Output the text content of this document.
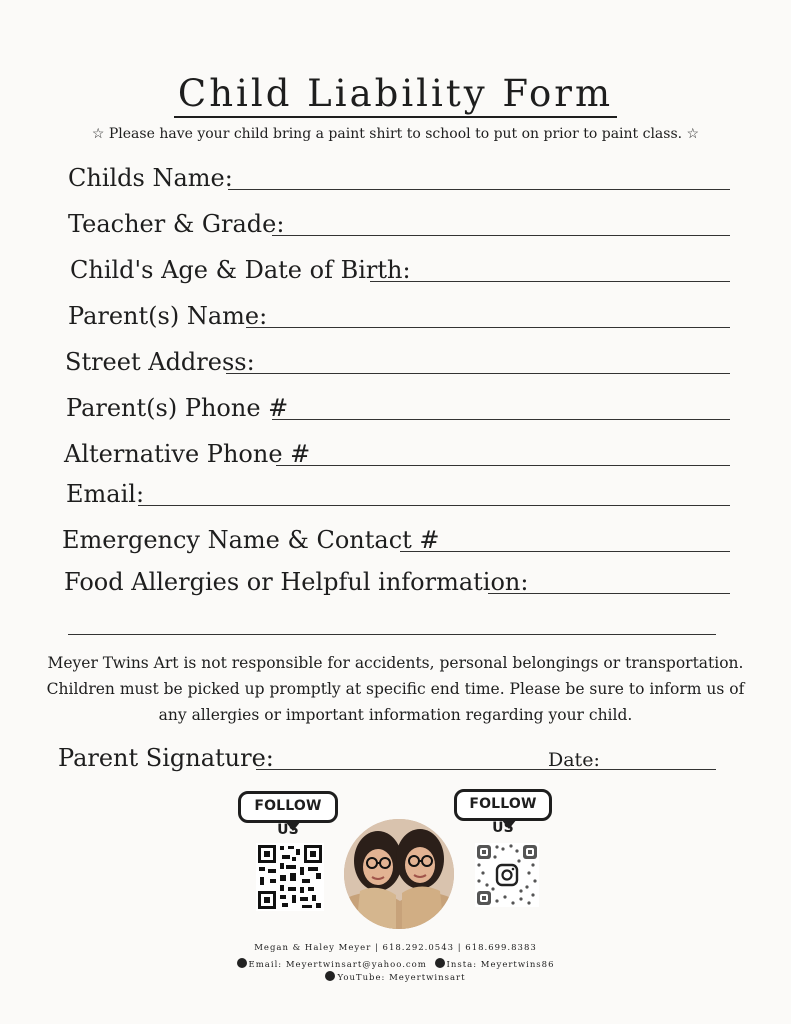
Child Liability Form
☆ Please have your child bring a paint shirt to school to put on prior to paint class. ☆
Childs Name:
Teacher & Grade:
Child's Age & Date of Birth:
Parent(s) Name:
Street Address:
Parent(s) Phone #
Alternative Phone #
Email:
Emergency Name & Contact #
Food Allergies or Helpful information:
Meyer Twins Art is not responsible for accidents, personal belongings or transportation.
Children must be picked up promptly at specific end time. Please be sure to inform us of
any allergies or important information regarding your child.
Parent Signature:	Date:
FOLLOW US
FOLLOW US
Megan & Haley Meyer | 618.292.0543 | 618.699.8383
Email: Meyertwinsart@yahoo.com Insta: Meyertwins86
YouTube: Meyertwinsart
